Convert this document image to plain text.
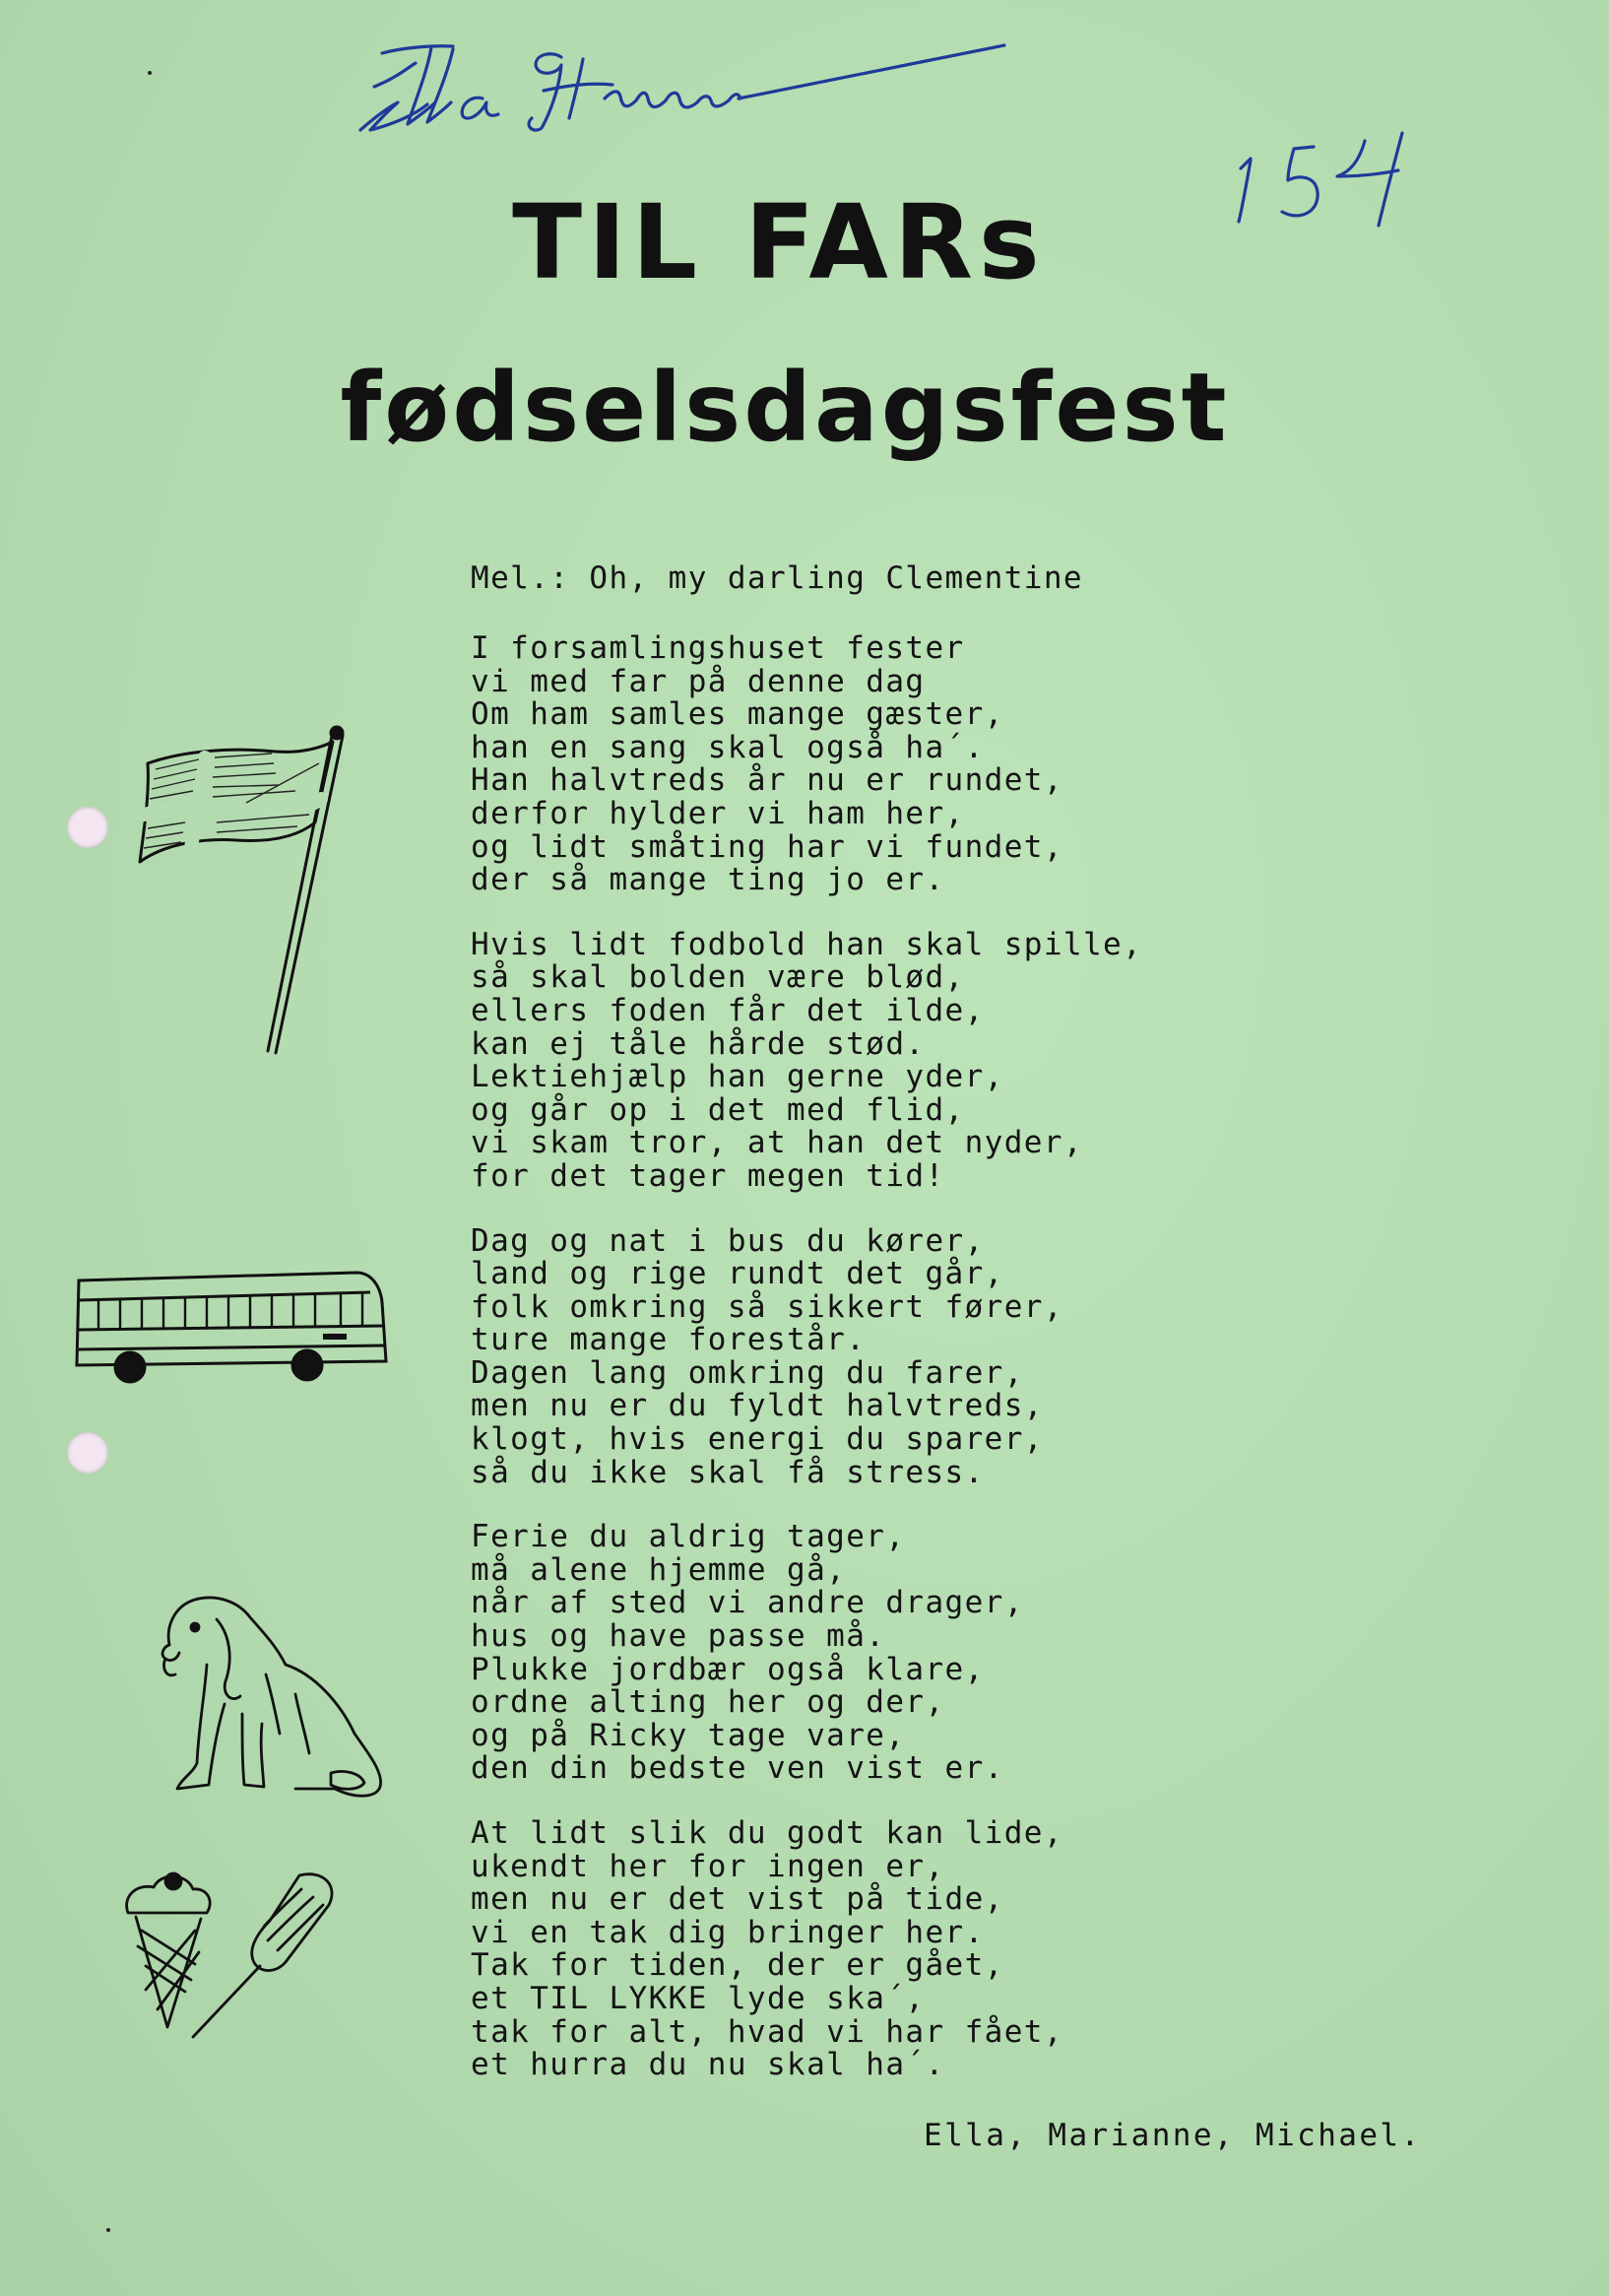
TIL FARs
fødselsdagsfest

Mel.: Oh, my darling Clementine

I forsamlingshuset fester
vi med far på denne dag
Om ham samles mange gæster,
han en sang skal også ha´.
Han halvtreds år nu er rundet,
derfor hylder vi ham her,
og lidt småting har vi fundet,
der så mange ting jo er.
Hvis lidt fodbold han skal spille,
så skal bolden være blød,
ellers foden får det ilde,
kan ej tåle hårde stød.
Lektiehjælp han gerne yder,
og går op i det med flid,
vi skam tror, at han det nyder,
for det tager megen tid!
Dag og nat i bus du kører,
land og rige rundt det går,
folk omkring så sikkert fører,
ture mange forestår.
Dagen lang omkring du farer,
men nu er du fyldt halvtreds,
klogt, hvis energi du sparer,
så du ikke skal få stress.
Ferie du aldrig tager,
må alene hjemme gå,
når af sted vi andre drager,
hus og have passe må.
Plukke jordbær også klare,
ordne alting her og der,
og på Ricky tage vare,
den din bedste ven vist er.
At lidt slik du godt kan lide,
ukendt her for ingen er,
men nu er det vist på tide,
vi en tak dig bringer her.
Tak for tiden, der er gået,
et TIL LYKKE lyde ska´,
tak for alt, hvad vi har fået,
et hurra du nu skal ha´.
Ella, Marianne, Michael.
